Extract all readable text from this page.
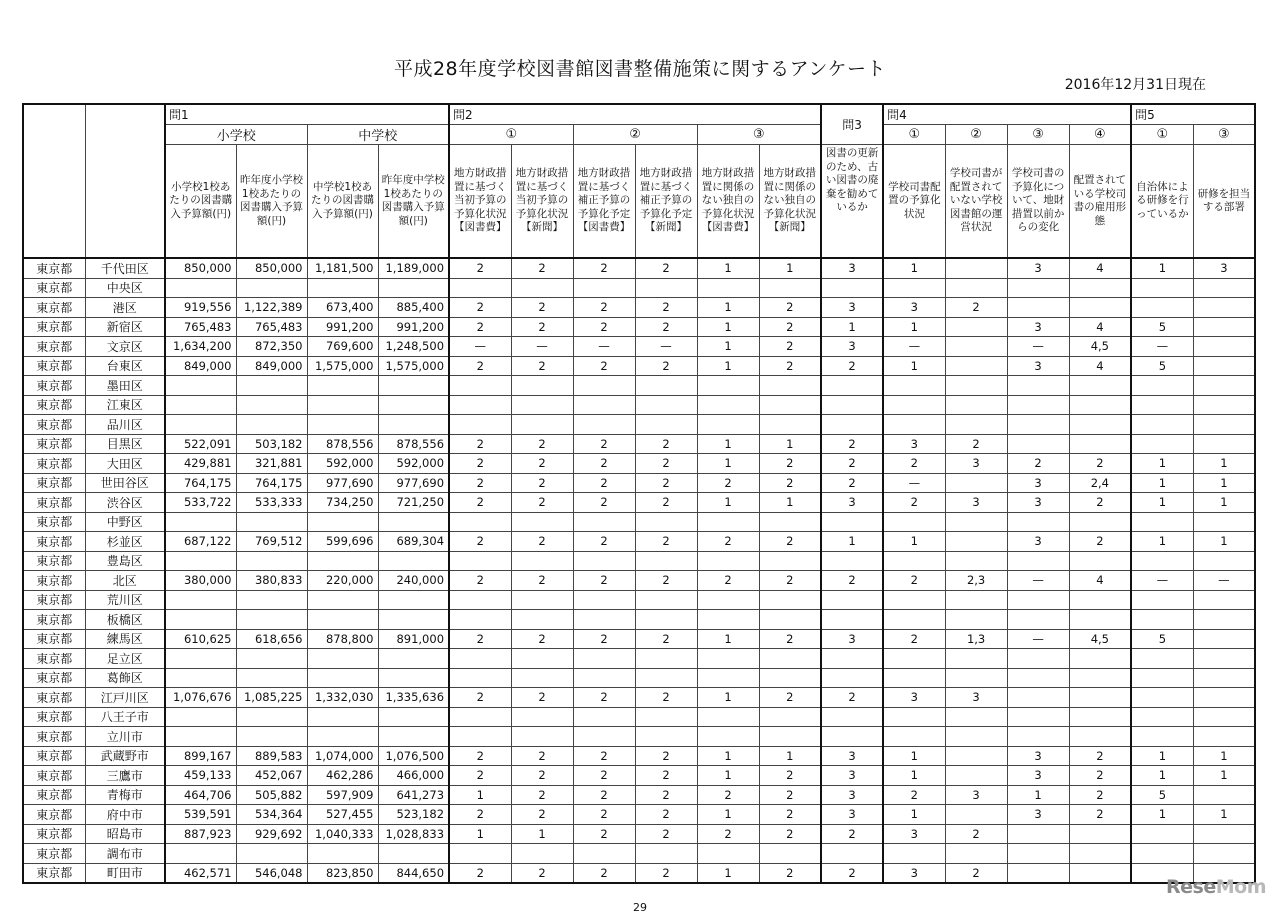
平成28年度学校図書館図書整備施策に関するアンケート
2016年12月31日現在
		問1				問2						問3	問4				問5	
		小学校		中学校		①		②		③			①	②	③	④	①	③
		小学校1校あたりの図書購入予算額(円)	昨年度小学校1校あたりの図書購入予算額(円)	中学校1校あたりの図書購入予算額(円)	昨年度中学校1校あたりの図書購入予算額(円)	地方財政措置に基づく当初予算の予算化状況【図書費】	地方財政措置に基づく当初予算の予算化状況【新聞】	地方財政措置に基づく補正予算の予算化予定【図書費】	地方財政措置に基づく補正予算の予算化予定【新聞】	地方財政措置に関係のない独自の予算化状況【図書費】	地方財政措置に関係のない独自の予算化状況【新聞】	図書の更新のため、古い図書の廃棄を勧めているか	学校司書配置の予算化状況	学校司書が配置されていない学校図書館の運営状況	学校司書の予算化について、地財措置以前からの変化	配置されている学校司書の雇用形態	自治体による研修を行っているか	研修を担当する部署
東京都	千代田区	850,000	850,000	1,181,500	1,189,000	2	2	2	2	1	1	3	1		3	4	1	3
東京都	中央区																	
東京都	港区	919,556	1,122,389	673,400	885,400	2	2	2	2	1	2	3	3	2				
東京都	新宿区	765,483	765,483	991,200	991,200	2	2	2	2	1	2	1	1		3	4	5	
東京都	文京区	1,634,200	872,350	769,600	1,248,500	—	—	—	—	1	2	3	—		—	4,5	—	
東京都	台東区	849,000	849,000	1,575,000	1,575,000	2	2	2	2	1	2	2	1		3	4	5	
東京都	墨田区																	
東京都	江東区																	
東京都	品川区																	
東京都	目黒区	522,091	503,182	878,556	878,556	2	2	2	2	1	1	2	3	2				
東京都	大田区	429,881	321,881	592,000	592,000	2	2	2	2	1	2	2	2	3	2	2	1	1
東京都	世田谷区	764,175	764,175	977,690	977,690	2	2	2	2	2	2	2	—		3	2,4	1	1
東京都	渋谷区	533,722	533,333	734,250	721,250	2	2	2	2	1	1	3	2	3	3	2	1	1
東京都	中野区																	
東京都	杉並区	687,122	769,512	599,696	689,304	2	2	2	2	2	2	1	1		3	2	1	1
東京都	豊島区																	
東京都	北区	380,000	380,833	220,000	240,000	2	2	2	2	2	2	2	2	2,3	—	4	—	—
東京都	荒川区																	
東京都	板橋区																	
東京都	練馬区	610,625	618,656	878,800	891,000	2	2	2	2	1	2	3	2	1,3	—	4,5	5	
東京都	足立区																	
東京都	葛飾区																	
東京都	江戸川区	1,076,676	1,085,225	1,332,030	1,335,636	2	2	2	2	1	2	2	3	3				
東京都	八王子市																	
東京都	立川市																	
東京都	武蔵野市	899,167	889,583	1,074,000	1,076,500	2	2	2	2	1	1	3	1		3	2	1	1
東京都	三鷹市	459,133	452,067	462,286	466,000	2	2	2	2	1	2	3	1		3	2	1	1
東京都	青梅市	464,706	505,882	597,909	641,273	1	2	2	2	2	2	3	2	3	1	2	5	
東京都	府中市	539,591	534,364	527,455	523,182	2	2	2	2	1	2	3	1		3	2	1	1
東京都	昭島市	887,923	929,692	1,040,333	1,028,833	1	1	2	2	2	2	2	3	2				
東京都	調布市																	
東京都	町田市	462,571	546,048	823,850	844,650	2	2	2	2	1	2	2	3	2				
29
ReseMom
